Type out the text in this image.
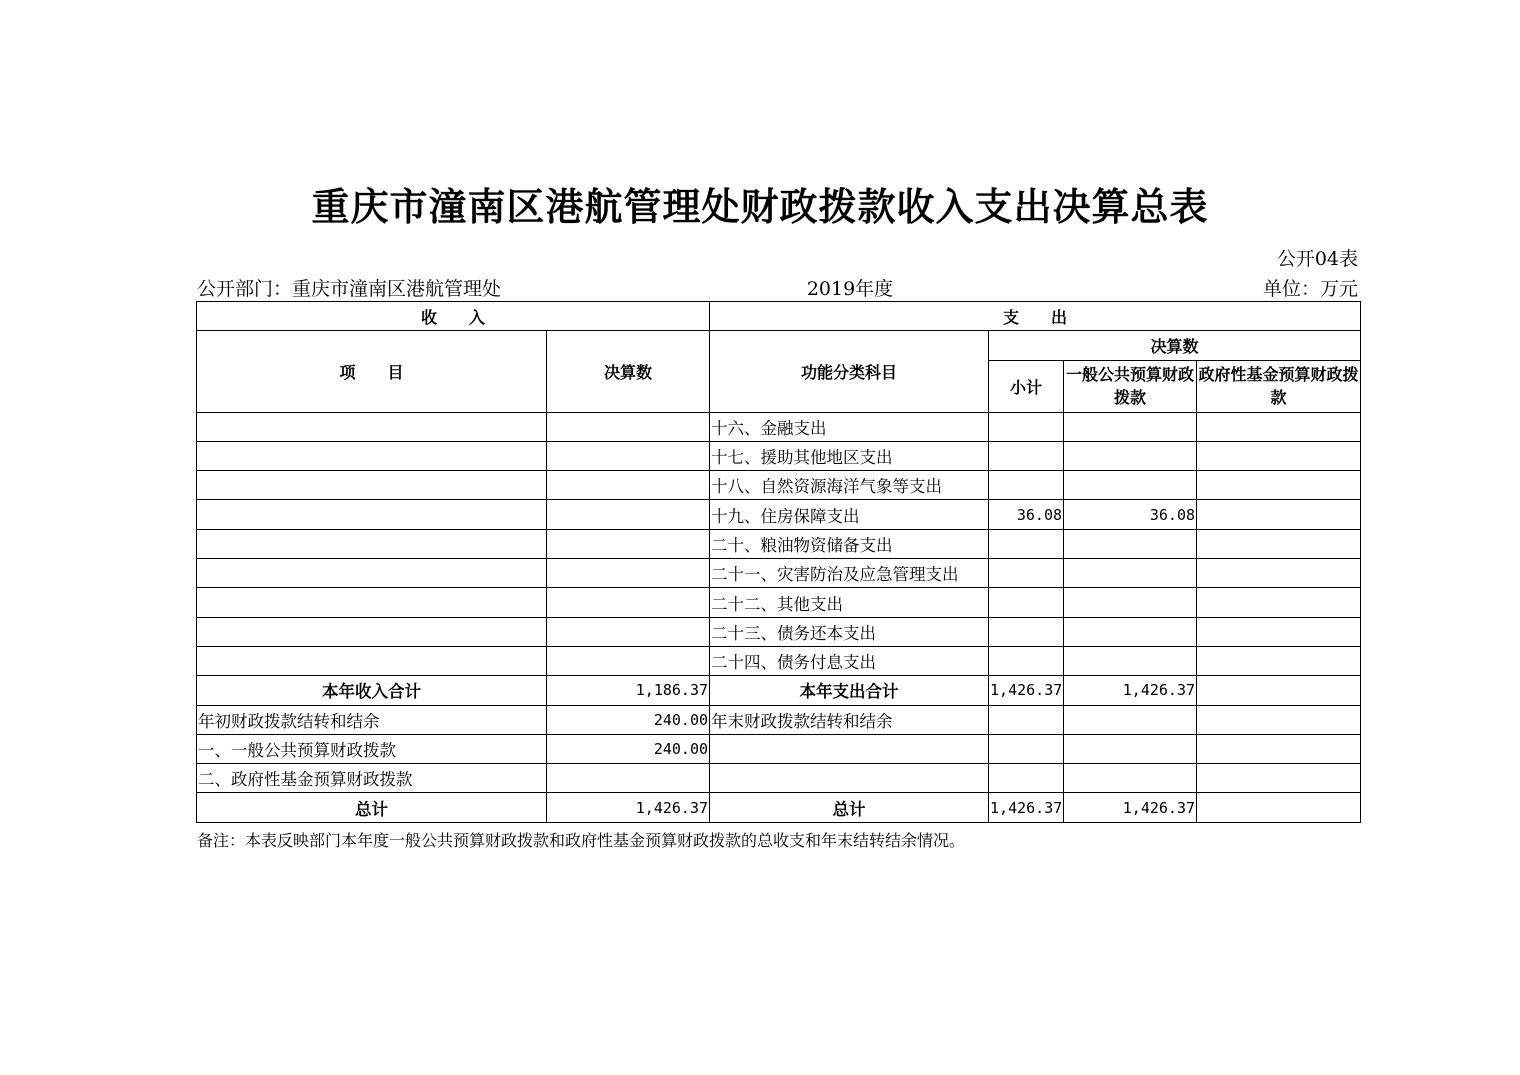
重庆市潼南区港航管理处财政拨款收入支出决算总表
公开04表
公开部门：重庆市潼南区港航管理处	2019年度	单位：万元
收　　入		支　　出			
项　　目	决算数	功能分类科目	决算数		
			小计	一般公共预算财政拨款	政府性基金预算财政拨款
		十六、金融支出			
		十七、援助其他地区支出			
		十八、自然资源海洋气象等支出			
		十九、住房保障支出	36.08	36.08	
		二十、粮油物资储备支出			
		二十一、灾害防治及应急管理支出			
		二十二、其他支出			
		二十三、债务还本支出			
		二十四、债务付息支出			
本年收入合计	1,186.37	本年支出合计	1,426.37	1,426.37	
年初财政拨款结转和结余	240.00	年末财政拨款结转和结余			
一、一般公共预算财政拨款	240.00				
二、政府性基金预算财政拨款					
总计	1,426.37	总计	1,426.37	1,426.37	
备注：本表反映部门本年度一般公共预算财政拨款和政府性基金预算财政拨款的总收支和年末结转结余情况。
